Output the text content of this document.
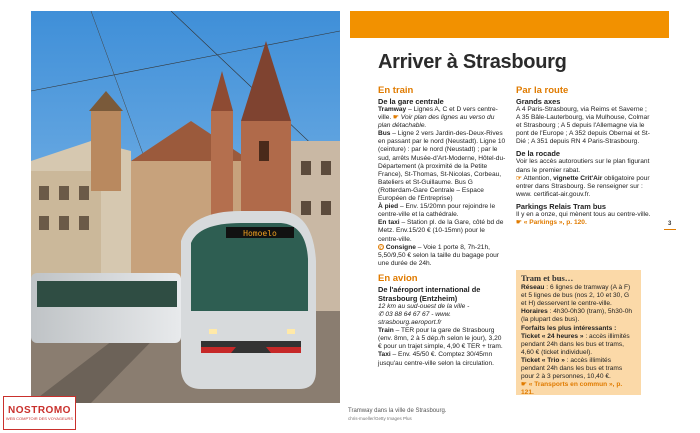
Homoelo
Tramway dans la ville de Strasbourg.
chris-mueller/Getty Images Plus
NOSTROMO
WEB COMPTOIR DES VOYAGEURS
Arriver à Strasbourg
En train
De la gare centrale

Tramway – Lignes A, C et D vers centre-ville. ☛ Voir plan des lignes au verso du plan détachable.

Bus – Ligne 2 vers Jardin-des-Deux-Rives en passant par le nord (Neustadt). Ligne 10 (ceinture) : par le nord (Neustadt) ; par le sud, arrêts Musée-d'Art-Moderne, Hôtel-du-Département (à proximité de la Petite France), St-Thomas, St-Nicolas, Corbeau, Bateliers et St-Guillaume. Bus G (Rotterdam-Gare Centrale – Espace Européen de l'Entreprise)

À pied – Env. 15/20mn pour rejoindre le centre-ville et la cathédrale.

En taxi – Station pl. de la Gare, côté bd de Metz. Env.15/20 € (10-15mn) pour le centre-ville.

✆ Consigne – Voie 1 porte 8, 7h-21h, 5,50/9,50 € selon la taille du bagage pour une durée de 24h.

En avion
De l'aéroport international de Strasbourg (Entzheim)

12 km au sud-ouest de la ville -

✆ 03 88 64 67 67 - www. strasbourg.aeroport.fr

Train – TER pour la gare de Strasbourg (env. 8mn, 2 à 5 dép./h selon le jour), 3,20 € pour un trajet simple, 4,90 € TER + tram.

Taxi – Env. 45/50 €. Comptez 30/45mn jusqu'au centre-ville selon la circulation.

Par la route
Grands axes

A 4 Paris-Strasbourg, via Reims et Saverne ; A 35 Bâle-Lauterbourg, via Mulhouse, Colmar et Strasbourg ; A 5 depuis l'Allemagne via le pont de l'Europe ; A 352 depuis Obernai et St-Dié ; A 351 depuis RN 4 Paris-Strasbourg.

De la rocade

Voir les accès autoroutiers sur le plan figurant dans le premier rabat.

☞ Attention, vignette Crit'Air obligatoire pour entrer dans Strasbourg. Se renseigner sur : www. certificat-air.gouv.fr.

Parkings Relais Tram bus

Il y en a onze, qui mènent tous au centre-ville. ☛ « Parkings », p. 120.

Tram et bus…

Réseau : 6 lignes de tramway (A à F) et 5 lignes de bus (nos 2, 10 et 30, G et H) desservent le centre-ville.

Horaires : 4h30-0h30 (tram), 5h30-0h (la plupart des bus).

Forfaits les plus intéressants :

Ticket « 24 heures » : accès illimités pendant 24h dans les bus et trams, 4,60 € (ticket individuel).

Ticket « Trio » : accès illimités pendant 24h dans les bus et trams pour 2 à 3 personnes, 10,40 €.

☛ « Transports en commun », p. 121.

3
